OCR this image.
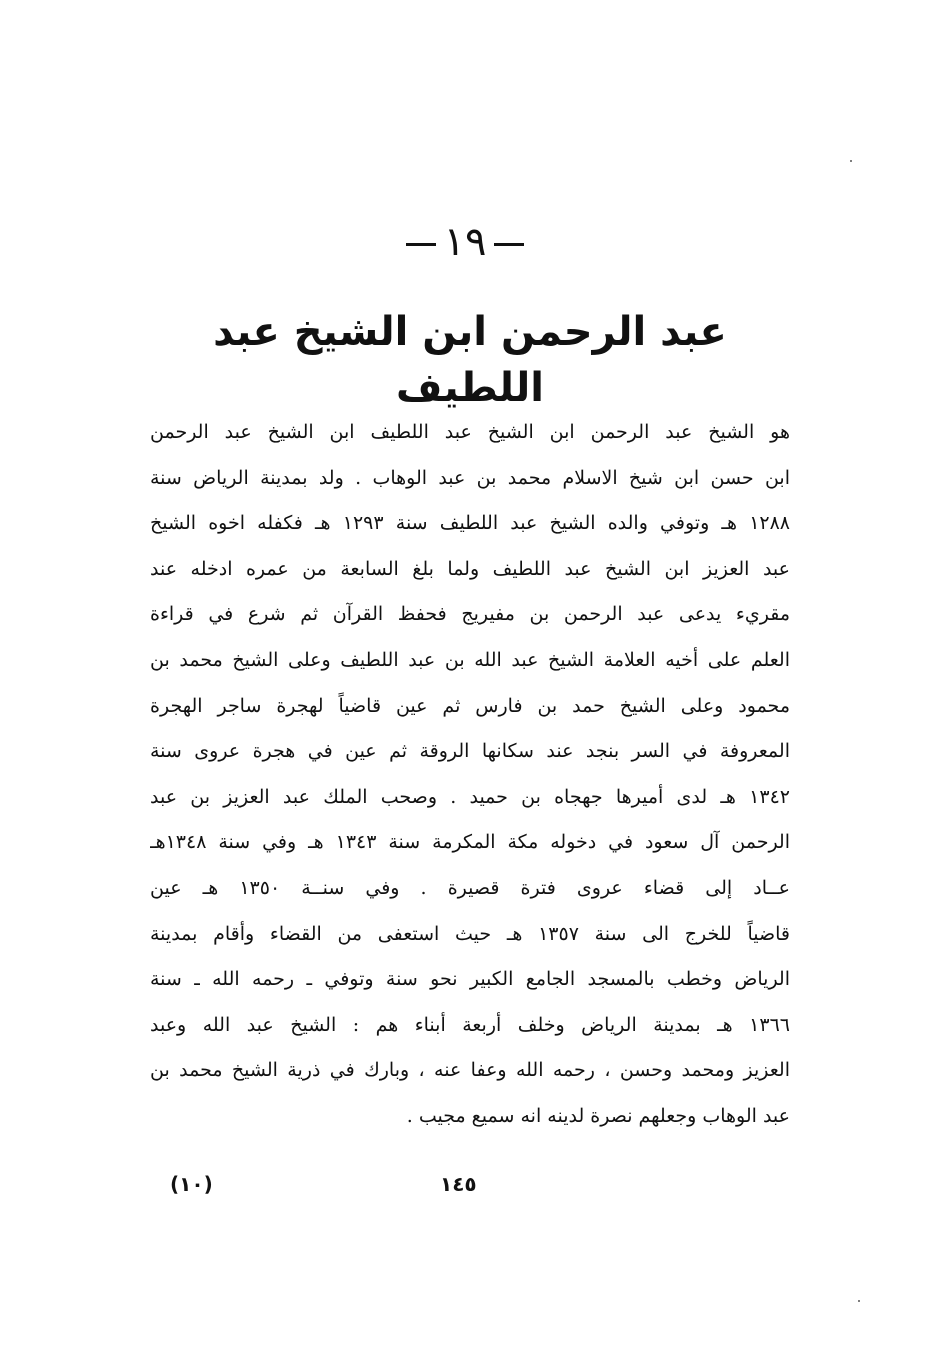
١٩
عبد الرحمن ابن الشيخ عبد اللطيف
هو الشيخ عبد الرحمن ابن الشيخ عبد اللطيف ابن الشيخ عبد الرحمن
ابن حسن ابن شيخ الاسلام محمد بن عبد الوهاب . ولد بمدينة الرياض سنة
١٢٨٨ هـ وتوفي والده الشيخ عبد اللطيف سنة ١٢٩٣ هـ فكفله اخوه الشيخ
عبد العزيز ابن الشيخ عبد اللطيف ولما بلغ السابعة من عمره ادخله عند
مقريء يدعى عبد الرحمن بن مفيريج فحفظ القرآن ثم شرع في قراءة
العلم على أخيه العلامة الشيخ عبد الله بن عبد اللطيف وعلى الشيخ محمد بن
محمود وعلى الشيخ حمد بن فارس ثم عين قاضياً لهجرة ساجر الهجرة
المعروفة في السر بنجد عند سكانها الروقة ثم عين في هجرة عروى سنة
١٣٤٢ هـ لدى أميرها جهجاه بن حميد . وصحب الملك عبد العزيز بن عبد
الرحمن آل سعود في دخوله مكة المكرمة سنة ١٣٤٣ هـ وفي سنة ١٣٤٨هـ
عــاد إلى قضاء عروى فترة قصيرة . وفي سنــة ١٣٥٠ هـ عين
قاضياً للخرج الى سنة ١٣٥٧ هـ حيث استعفى من القضاء وأقام بمدينة
الرياض وخطب بالمسجد الجامع الكبير نحو سنة وتوفي ـ رحمه الله ـ سنة
١٣٦٦ هـ بمدينة الرياض وخلف أربعة أبناء هم : الشيخ عبد الله وعبد
العزيز ومحمد وحسن ، رحمه الله وعفا عنه ، وبارك في ذرية الشيخ محمد بن
عبد الوهاب وجعلهم نصرة لدينه انه سميع مجيب .
(١٠)	١٤٥
